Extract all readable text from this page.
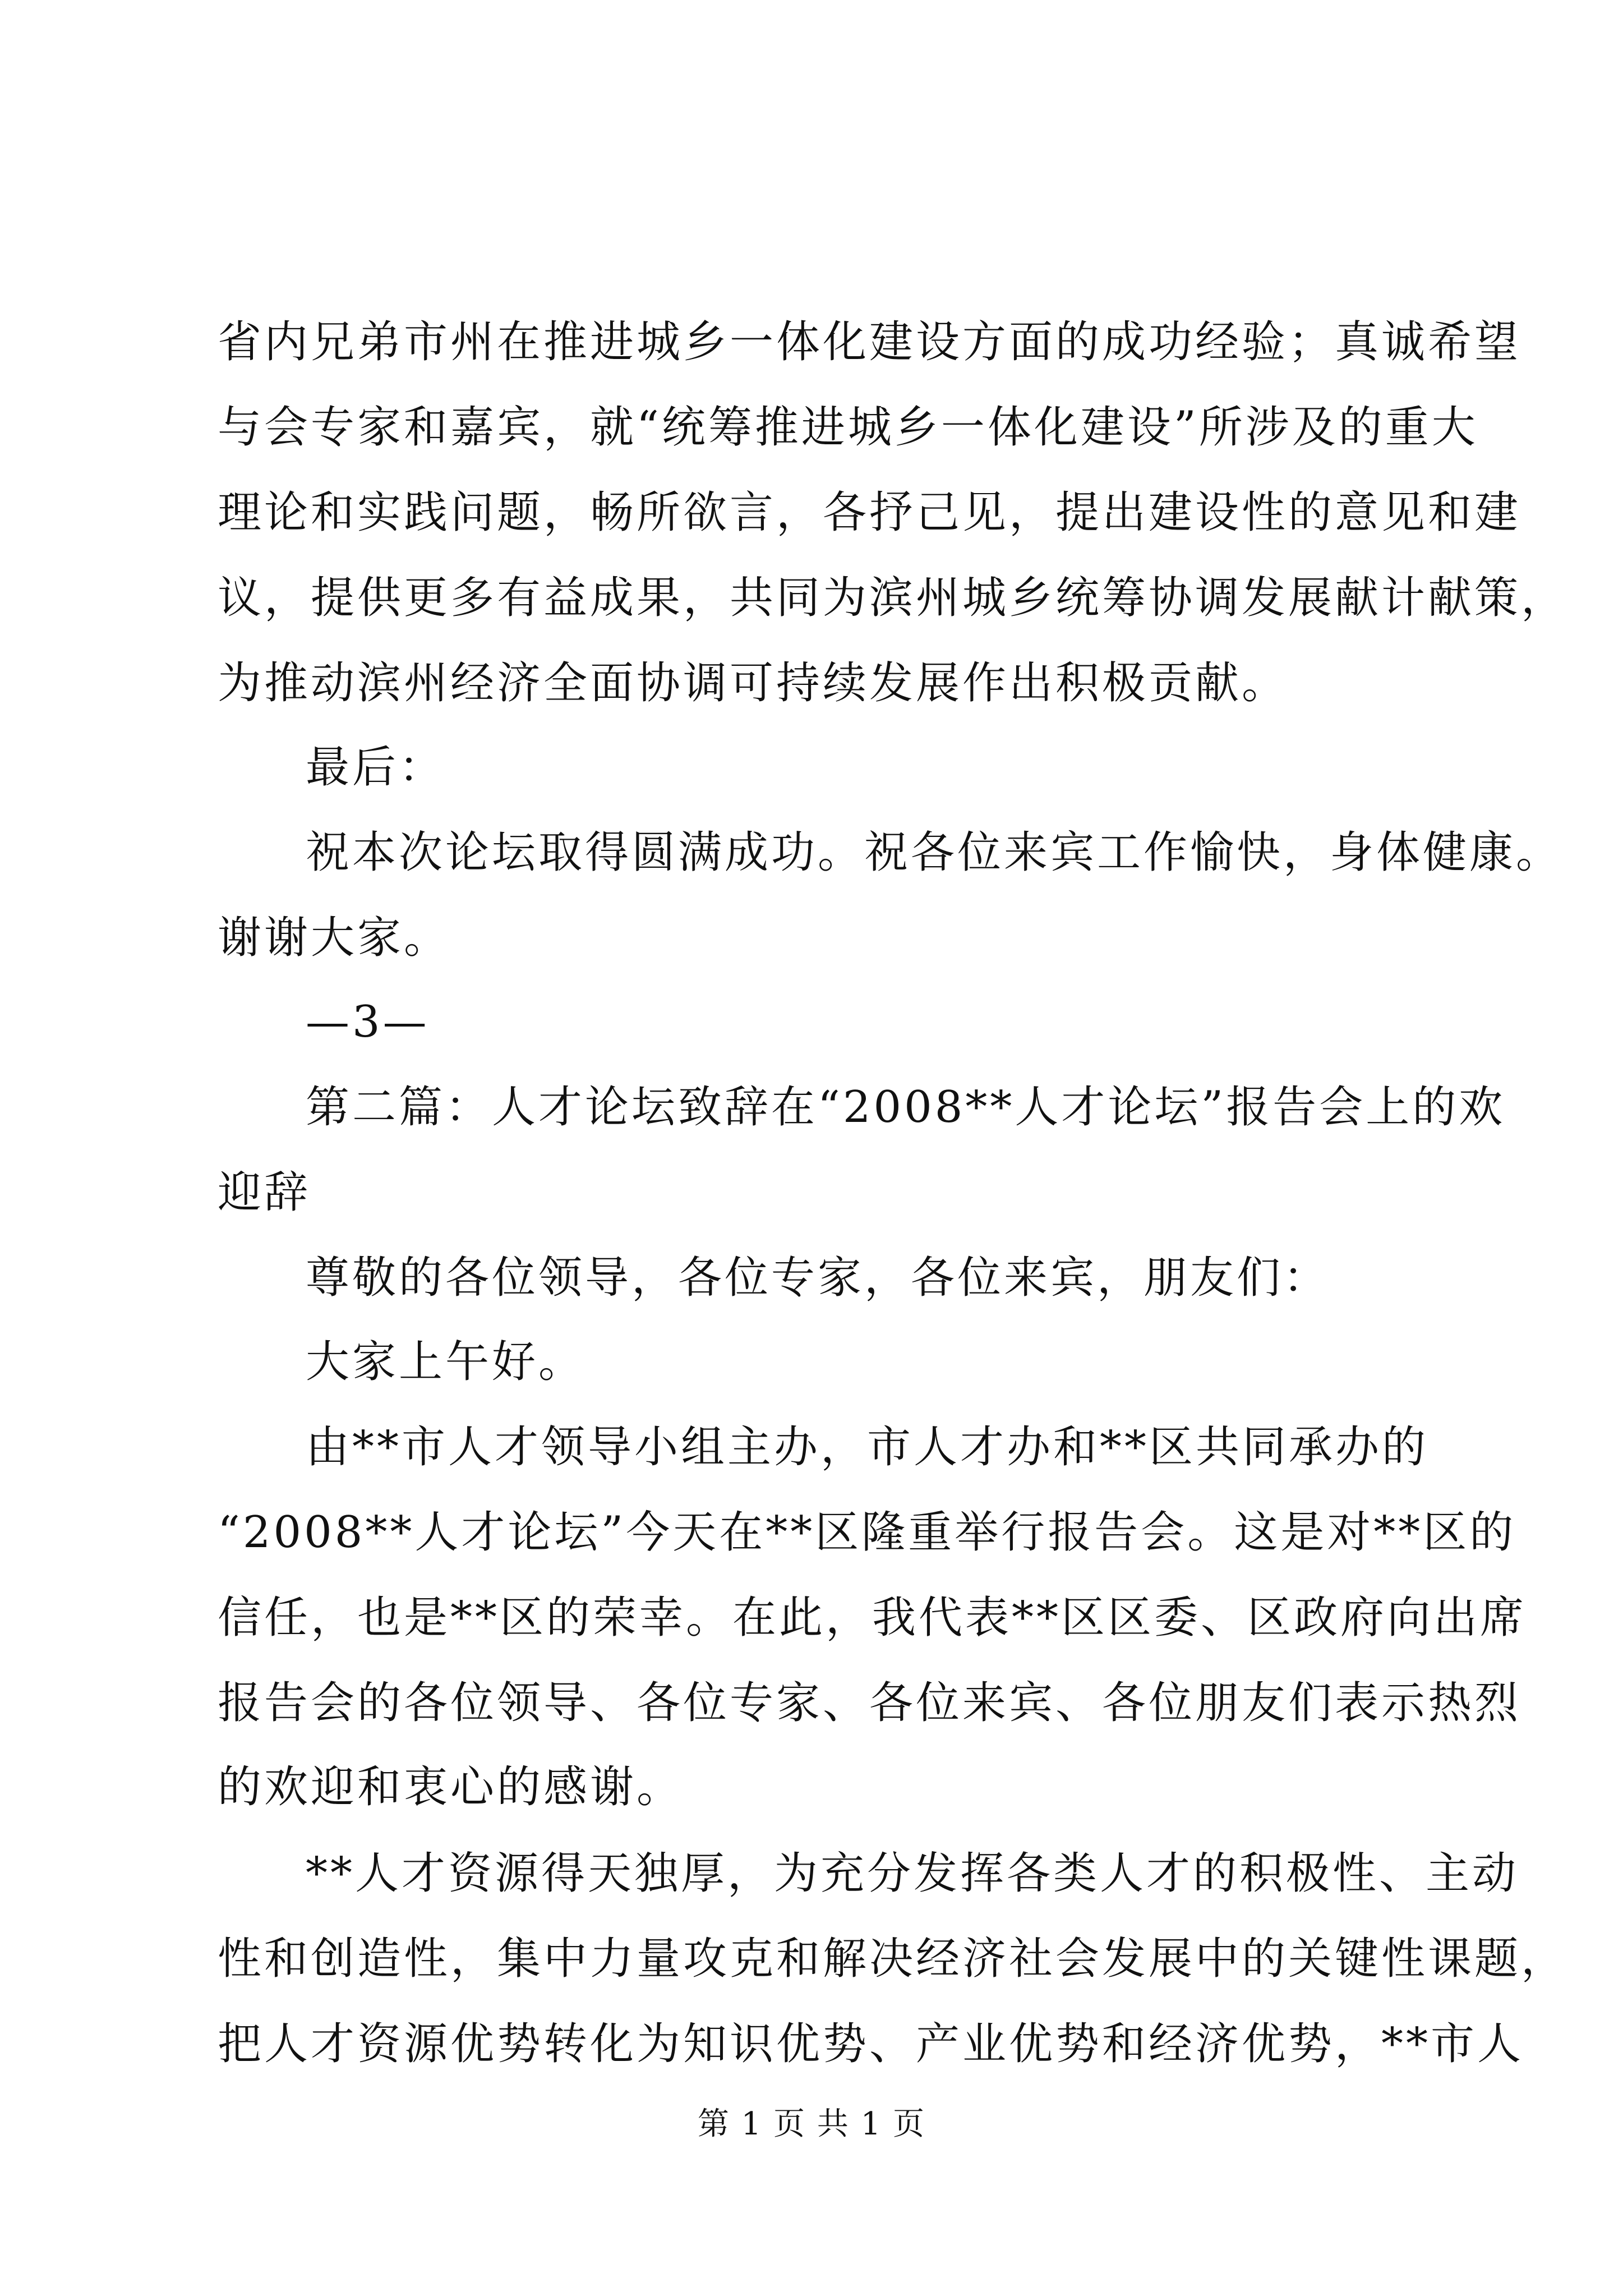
省内兄弟市州在推进城乡一体化建设方面的成功经验；真诚希望
与会专家和嘉宾，就“统筹推进城乡一体化建设”所涉及的重大
理论和实践问题，畅所欲言，各抒己见，提出建设性的意见和建
议，提供更多有益成果，共同为滨州城乡统筹协调发展献计献策，
为推动滨州经济全面协调可持续发展作出积极贡献。
最后：
祝本次论坛取得圆满成功。祝各位来宾工作愉快，身体健康。
谢谢大家。
—3—
第二篇：人才论坛致辞在“2008**人才论坛”报告会上的欢
迎辞
尊敬的各位领导，各位专家，各位来宾，朋友们：
大家上午好。
由**市人才领导小组主办，市人才办和**区共同承办的
“2008**人才论坛”今天在**区隆重举行报告会。这是对**区的
信任，也是**区的荣幸。在此，我代表**区区委、区政府向出席
报告会的各位领导、各位专家、各位来宾、各位朋友们表示热烈
的欢迎和衷心的感谢。
**人才资源得天独厚，为充分发挥各类人才的积极性、主动
性和创造性，集中力量攻克和解决经济社会发展中的关键性课题，
把人才资源优势转化为知识优势、产业优势和经济优势，**市人
第 1 页 共 1 页
